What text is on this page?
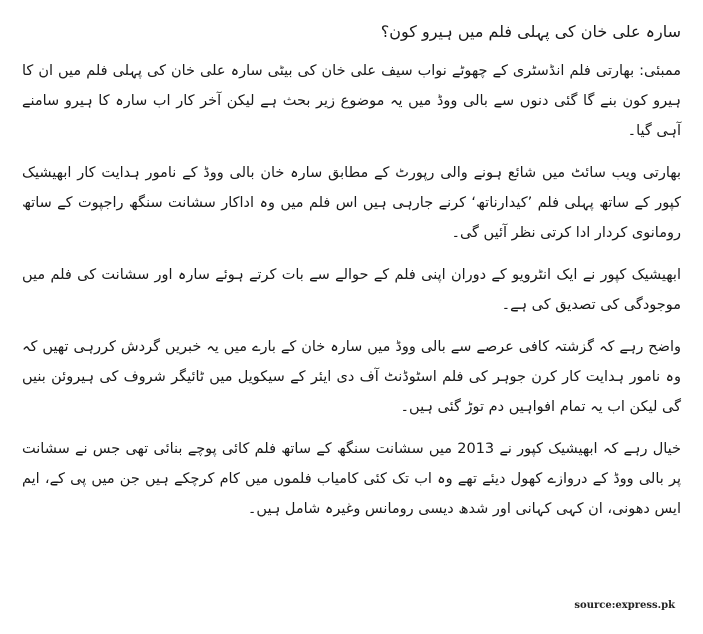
سارہ علی خان کی پہلی فلم میں ہیرو کون؟

ممبئی: بھارتی فلم انڈسٹری کے چھوٹے نواب سیف علی خان کی بیٹی سارہ علی خان کی پہلی فلم میں ان کا ہیرو کون بنے گا گئی دنوں سے بالی ووڈ میں یہ موضوع زیر بحث ہے لیکن آخر کار اب سارہ کا ہیرو سامنے آہی گیا۔

بھارتی ویب سائٹ میں شائع ہونے والی رپورٹ کے مطابق سارہ خان بالی ووڈ کے نامور ہدایت کار ابھیشیک کپور کے ساتھ پہلی فلم ’کیدارناتھ‘ کرنے جارہی ہیں اس فلم میں وہ اداکار سشانت سنگھ راجپوت کے ساتھ رومانوی کردار ادا کرتی نظر آئیں گی۔

ابھیشیک کپور نے ایک انٹرویو کے دوران اپنی فلم کے حوالے سے بات کرتے ہوئے سارہ اور سشانت کی فلم میں موجودگی کی تصدیق کی ہے۔

واضح رہے کہ گزشتہ کافی عرصے سے بالی ووڈ میں سارہ خان کے بارے میں یہ خبریں گردش کررہی تھیں کہ وہ نامور ہدایت کار کرن جوہر کی فلم اسٹوڈنٹ آف دی ایئر کے سیکویل میں ٹائیگر شروف کی ہیروئن بنیں گی لیکن اب یہ تمام افواہیں دم توڑ گئی ہیں۔

خیال رہے کہ ابھیشیک کپور نے 2013 میں سشانت سنگھ کے ساتھ فلم کائی پوچے بنائی تھی جس نے سشانت پر بالی ووڈ کے دروازے کھول دیئے تھے وہ اب تک کئی کامیاب فلموں میں کام کرچکے ہیں جن میں پی کے، ایم ایس دھونی، ان کہی کہانی اور شدھ دیسی رومانس وغیرہ شامل ہیں۔

source:express.pk
